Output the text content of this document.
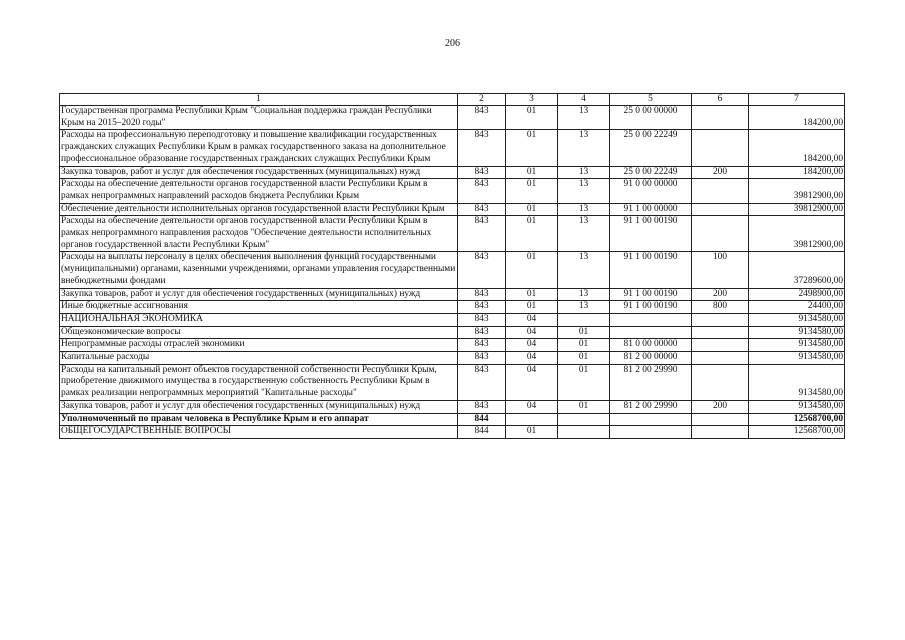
206
1	2	3	4	5	6	7
Государственная программа Республики Крым "Социальная поддержка граждан Республики Крым на 2015–2020 годы"	843	01	13	25 0 00 00000		184200,00
Расходы на профессиональную переподготовку и повышение квалификации государственных гражданских служащих Республики Крым в рамках государственного заказа на дополнительное профессиональное образование государственных гражданских служащих Республики Крым	843	01	13	25 0 00 22249		184200,00
Закупка товаров, работ и услуг для обеспечения государственных (муниципальных) нужд	843	01	13	25 0 00 22249	200	184200,00
Расходы на обеспечение деятельности органов государственной власти Республики Крым в рамках непрограммных направлений расходов бюджета Республики Крым	843	01	13	91 0 00 00000		39812900,00
Обеспечение деятельности исполнительных органов государственной власти Республики Крым	843	01	13	91 1 00 00000		39812900,00
Расходы на обеспечение деятельности органов государственной власти Республики Крым в рамках непрограммного направления расходов "Обеспечение деятельности исполнительных органов государственной власти Республики Крым"	843	01	13	91 1 00 00190		39812900,00
Расходы на выплаты персоналу в целях обеспечения выполнения функций государственными (муниципальными) органами, казенными учреждениями, органами управления государственными внебюджетными фондами	843	01	13	91 1 00 00190	100	37289600,00
Закупка товаров, работ и услуг для обеспечения государственных (муниципальных) нужд	843	01	13	91 1 00 00190	200	2498900,00
Иные бюджетные ассигнования	843	01	13	91 1 00 00190	800	24400,00
НАЦИОНАЛЬНАЯ ЭКОНОМИКА	843	04				9134580,00
Общеэкономические вопросы	843	04	01			9134580,00
Непрограммные расходы отраслей экономики	843	04	01	81 0 00 00000		9134580,00
Капитальные расходы	843	04	01	81 2 00 00000		9134580,00
Расходы на капитальный ремонт объектов государственной собственности Республики Крым, приобретение движимого имущества в государственную собственность Республики Крым в рамках реализации непрограммных мероприятий "Капитальные расходы"	843	04	01	81 2 00 29990		9134580,00
Закупка товаров, работ и услуг для обеспечения государственных (муниципальных) нужд	843	04	01	81 2 00 29990	200	9134580,00
Уполномоченный по правам человека в Республике Крым и его аппарат	844					12568700,00
ОБЩЕГОСУДАРСТВЕННЫЕ ВОПРОСЫ	844	01				12568700,00
